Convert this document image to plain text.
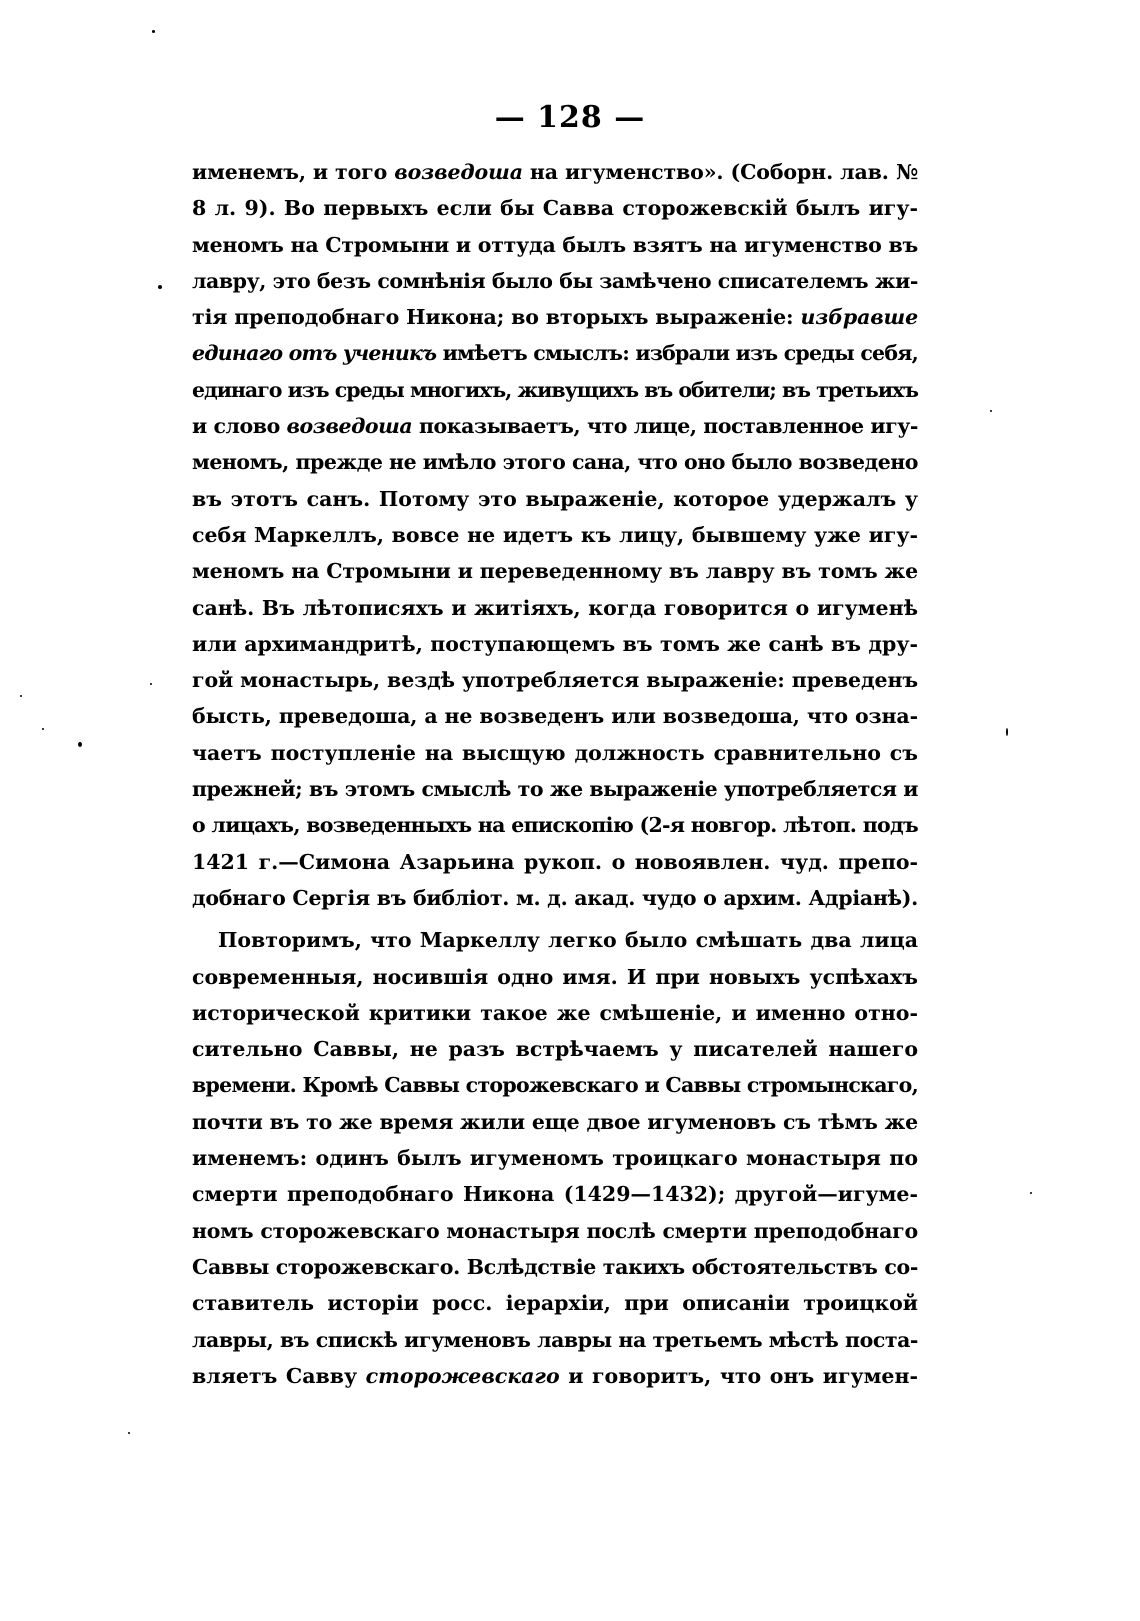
— 128 —
именемъ, и того возведоша на игуменство». (Соборн. лав. №
8 л. 9). Во первыхъ если бы Савва сторожевскій былъ игу-
меномъ на Стромыни и оттуда былъ взятъ на игуменство въ
лавру, это безъ сомнѣнія было бы замѣчено списателемъ жи-
тія преподобнагo Никона; во вторыхъ выраженіе: избравше
единаго отъ ученикъ имѣетъ смыслъ: избрали изъ среды себя,
единаго изъ среды многихъ, живущихъ въ обители; въ третьихъ
и слово возведоша показываетъ, что лице, поставленное игу-
меномъ, прежде не имѣло этого сана, что оно было возведено
въ этотъ санъ. Потому это выраженіе, которое удержалъ у
себя Маркеллъ, вовсе не идетъ къ лицу, бывшему уже игу-
меномъ на Стромыни и переведенному въ лавру въ томъ же
санѣ. Въ лѣтописяхъ и житіяхъ, когда говорится о игуменѣ
или архимандритѣ, поступающемъ въ томъ же санѣ въ дру-
гой монастырь, вездѣ употребляется выраженіе: преведенъ
бысть, преведоша, а не возведенъ или возведоша, что озна-
чаетъ поступленіе на высщую должность сравнительно съ
прежней; въ этомъ смыслѣ то же выраженіе употребляется и
о лицахъ, возведенныхъ на епископію (2-я новгор. лѣтоп. подъ
1421 г.—Симона Азарьина рукоп. о новоявлен. чуд. препо-
добнаго Сергія въ библіот. м. д. акад. чудо о архим. Адріанѣ).
Повторимъ, что Маркеллу легко было смѣшать два лица
современныя, носившія одно имя. И при новыхъ успѣхахъ
исторической критики такое же смѣшеніе, и именно отно-
сительно Саввы, не разъ встрѣчаемъ у писателей нашего
времени. Кромѣ Саввы сторожевскаго и Саввы стромынскаго,
почти въ то же время жили еще двое игуменовъ съ тѣмъ же
именемъ: одинъ былъ игуменомъ троицкаго монастыря по
смерти преподобнаго Никона (1429—1432); другой—игуме-
номъ сторожевскаго монастыря послѣ смерти преподобнаго
Саввы сторожевскаго. Вслѣдствіе такихъ обстоятельствъ со-
ставитель исторіи росс. іерархіи, при описаніи троицкой
лавры, въ спискѣ игуменовъ лавры на третьемъ мѣстѣ поста-
вляетъ Савву сторожевскаго и говоритъ, что онъ игумен-
